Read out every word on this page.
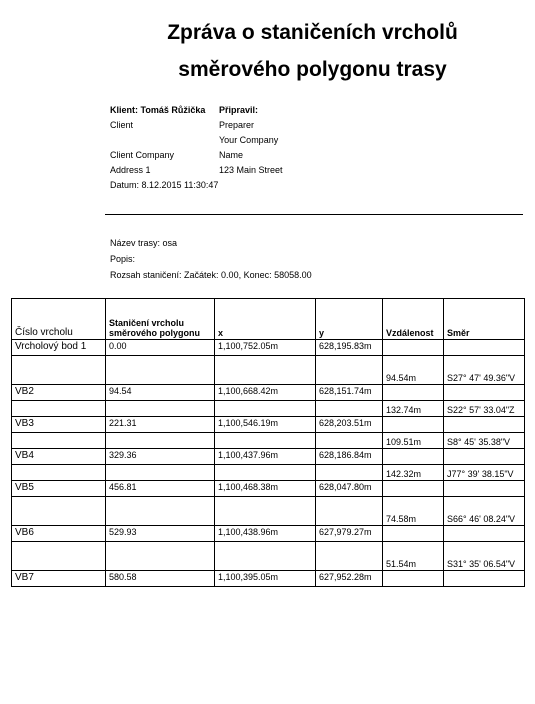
Zpráva o staničeních vrcholů
směrového polygonu trasy
Klient: Tomáš Růžička
Client

Client Company
Address 1
Datum: 8.12.2015 11:30:47
Připravil:
Preparer
Your Company
Name
123 Main Street
Název trasy: osa
Popis:
Rozsah staničení: Začátek: 0.00, Konec: 58058.00
Číslo vrcholu	Staničení vrcholu směrového polygonu	x	y	Vzdálenost	Směr
Vrcholový bod 1	0.00	1,100,752.05m	628,195.83m		
				94.54m	S27° 47' 49.36"V
VB2	94.54	1,100,668.42m	628,151.74m		
				132.74m	S22° 57' 33.04"Z
VB3	221.31	1,100,546.19m	628,203.51m		
				109.51m	S8° 45' 35.38"V
VB4	329.36	1,100,437.96m	628,186.84m		
				142.32m	J77° 39' 38.15"V
VB5	456.81	1,100,468.38m	628,047.80m		
				74.58m	S66° 46' 08.24"V
VB6	529.93	1,100,438.96m	627,979.27m		
				51.54m	S31° 35' 06.54"V
VB7	580.58	1,100,395.05m	627,952.28m		
